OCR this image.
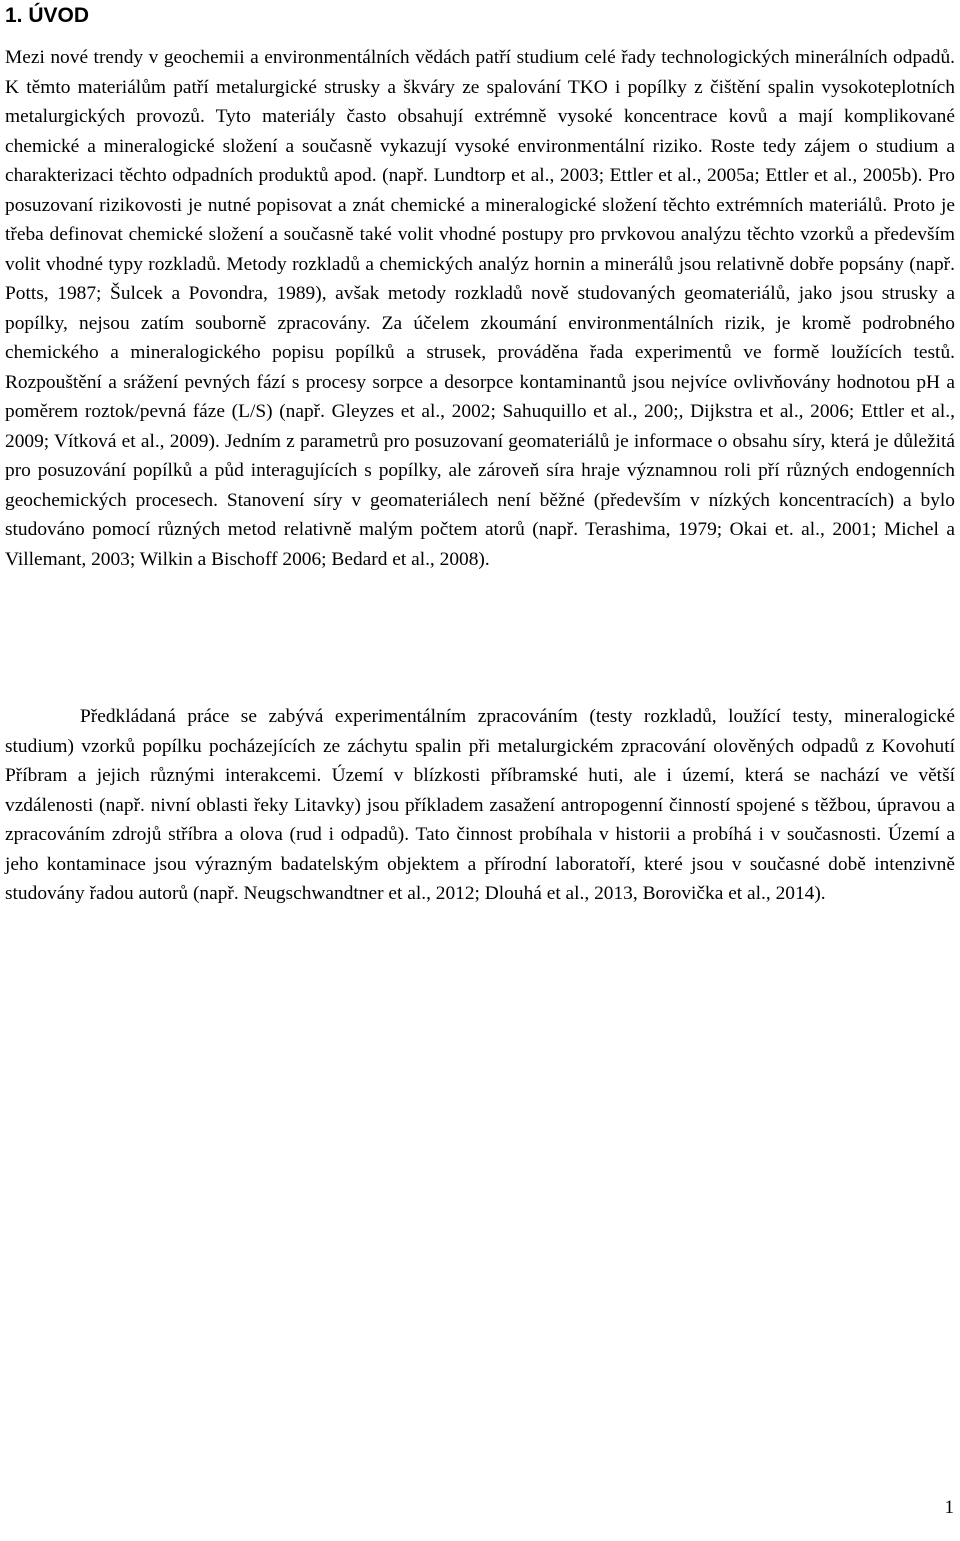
1. ÚVOD

Mezi nové trendy v geochemii a environmentálních vědách patří studium celé řady technologických minerálních odpadů. K těmto materiálům patří metalurgické strusky a škváry ze spalování TKO i popílky z čištění spalin vysokoteplotních metalurgických provozů. Tyto materiály často obsahují extrémně vysoké koncentrace kovů a mají komplikované chemické a mineralogické složení a současně vykazují vysoké environmentální riziko. Roste tedy zájem o studium a charakterizaci těchto odpadních produktů apod. (např. Lundtorp et al., 2003; Ettler et al., 2005a; Ettler et al., 2005b). Pro posuzovaní rizikovosti je nutné popisovat a znát chemické a mineralogické složení těchto extrémních materiálů. Proto je třeba definovat chemické složení a současně také volit vhodné postupy pro prvkovou analýzu těchto vzorků a především volit vhodné typy rozkladů. Metody rozkladů a chemických analýz hornin a minerálů jsou relativně dobře popsány (např. Potts, 1987; Šulcek a Povondra, 1989), avšak metody rozkladů nově studovaných geomateriálů, jako jsou strusky a popílky, nejsou zatím souborně zpracovány. Za účelem zkoumání environmentálních rizik, je kromě podrobného chemického a mineralogického popisu popílků a strusek, prováděna řada experimentů ve formě loužících testů. Rozpouštění a srážení pevných fází s procesy sorpce a desorpce kontaminantů jsou nejvíce ovlivňovány hodnotou pH a poměrem roztok/pevná fáze (L/S) (např. Gleyzes et al., 2002; Sahuquillo et al., 200;, Dijkstra et al., 2006; Ettler et al., 2009; Vítková et al., 2009). Jedním z parametrů pro posuzovaní geomateriálů je informace o obsahu síry, která je důležitá pro posuzování popílků a půd interagujících s popílky, ale zároveň síra hraje významnou roli pří různých endogenních geochemických procesech. Stanovení síry v geomateriálech není běžné (především v nízkých koncentracích) a bylo studováno pomocí různých metod relativně malým počtem atorů (např. Terashima, 1979; Okai et. al., 2001; Michel a Villemant, 2003; Wilkin a Bischoff 2006; Bedard et al., 2008).

Předkládaná práce se zabývá experimentálním zpracováním (testy rozkladů, loužící testy, mineralogické studium) vzorků popílku pocházejících ze záchytu spalin při metalurgickém zpracování olověných odpadů z Kovohutí Příbram a jejich různými interakcemi. Území v blízkosti příbramské huti, ale i území, která se nachází ve větší vzdálenosti (např. nivní oblasti řeky Litavky) jsou příkladem zasažení antropogenní činností spojené s těžbou, úpravou a zpracováním zdrojů stříbra a olova (rud i odpadů). Tato činnost probíhala v historii a probíhá i v současnosti. Území a jeho kontaminace jsou výrazným badatelským objektem a přírodní laboratoří, které jsou v současné době intenzivně studovány řadou autorů (např. Neugschwandtner et al., 2012; Dlouhá et al., 2013, Borovička et al., 2014).

1
